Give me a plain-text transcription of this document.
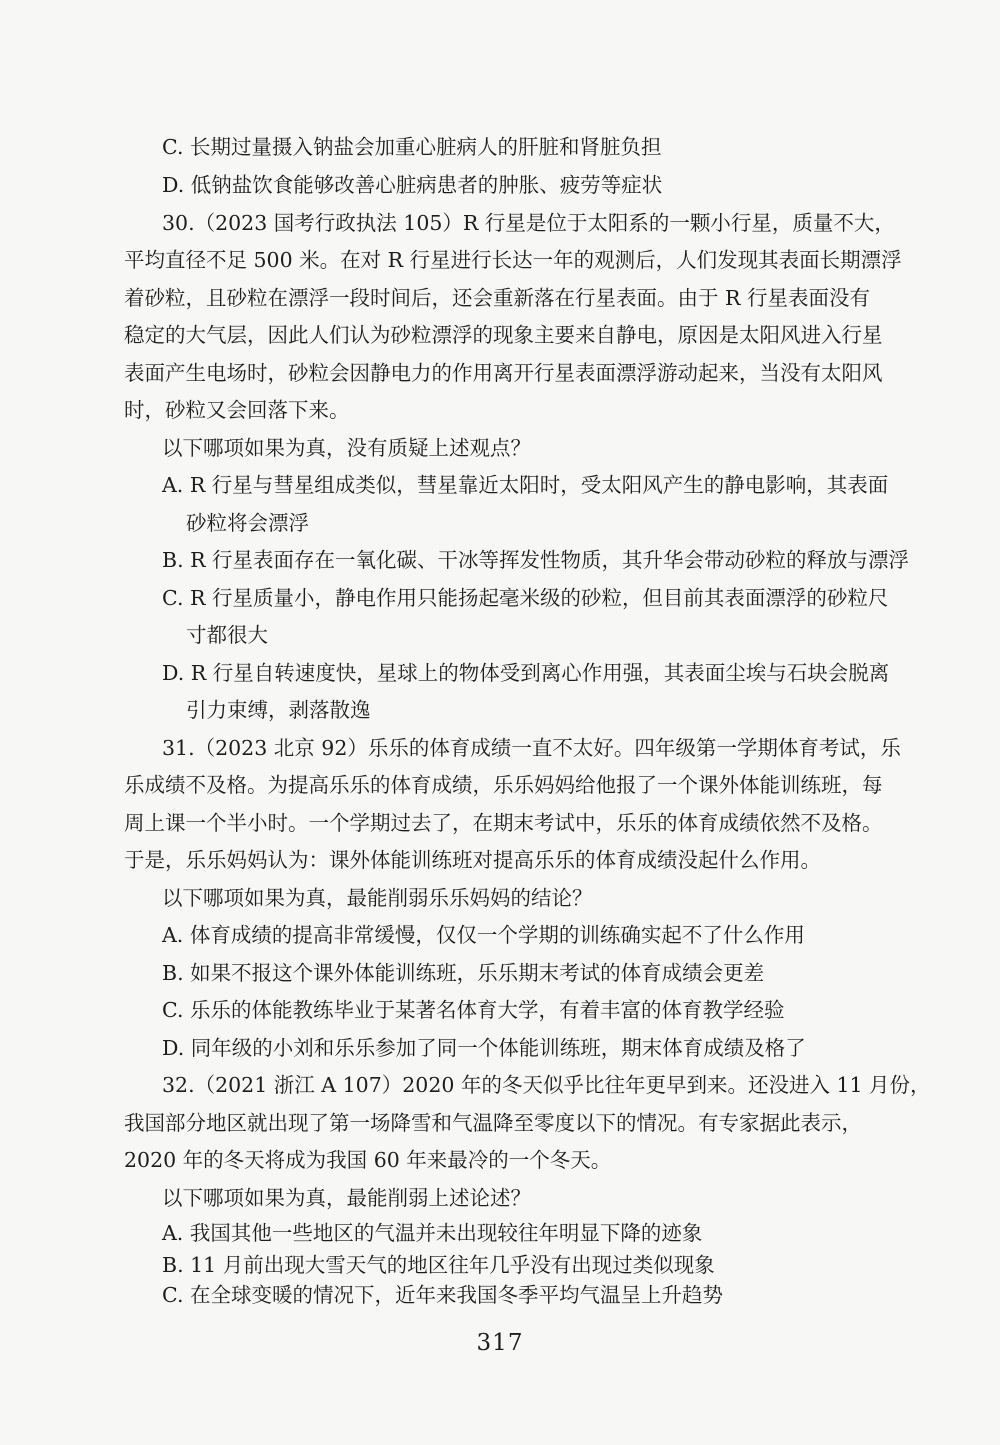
C. 长期过量摄入钠盐会加重心脏病人的肝脏和肾脏负担
D. 低钠盐饮食能够改善心脏病患者的肿胀、疲劳等症状
30.（2023 国考行政执法 105）R 行星是位于太阳系的一颗小行星，质量不大，
平均直径不足 500 米。在对 R 行星进行长达一年的观测后，人们发现其表面长期漂浮
着砂粒，且砂粒在漂浮一段时间后，还会重新落在行星表面。由于 R 行星表面没有
稳定的大气层，因此人们认为砂粒漂浮的现象主要来自静电，原因是太阳风进入行星
表面产生电场时，砂粒会因静电力的作用离开行星表面漂浮游动起来，当没有太阳风
时，砂粒又会回落下来。
以下哪项如果为真，没有质疑上述观点？
A. R 行星与彗星组成类似，彗星靠近太阳时，受太阳风产生的静电影响，其表面
砂粒将会漂浮
B. R 行星表面存在一氧化碳、干冰等挥发性物质，其升华会带动砂粒的释放与漂浮
C. R 行星质量小，静电作用只能扬起毫米级的砂粒，但目前其表面漂浮的砂粒尺
寸都很大
D. R 行星自转速度快，星球上的物体受到离心作用强，其表面尘埃与石块会脱离
引力束缚，剥落散逸
31.（2023 北京 92）乐乐的体育成绩一直不太好。四年级第一学期体育考试，乐
乐成绩不及格。为提高乐乐的体育成绩，乐乐妈妈给他报了一个课外体能训练班，每
周上课一个半小时。一个学期过去了，在期末考试中，乐乐的体育成绩依然不及格。
于是，乐乐妈妈认为：课外体能训练班对提高乐乐的体育成绩没起什么作用。
以下哪项如果为真，最能削弱乐乐妈妈的结论？
A. 体育成绩的提高非常缓慢，仅仅一个学期的训练确实起不了什么作用
B. 如果不报这个课外体能训练班，乐乐期末考试的体育成绩会更差
C. 乐乐的体能教练毕业于某著名体育大学，有着丰富的体育教学经验
D. 同年级的小刘和乐乐参加了同一个体能训练班，期末体育成绩及格了
32.（2021 浙江 A 107）2020 年的冬天似乎比往年更早到来。还没进入 11 月份，
我国部分地区就出现了第一场降雪和气温降至零度以下的情况。有专家据此表示，
2020 年的冬天将成为我国 60 年来最冷的一个冬天。
以下哪项如果为真，最能削弱上述论述？
A. 我国其他一些地区的气温并未出现较往年明显下降的迹象
B. 11 月前出现大雪天气的地区往年几乎没有出现过类似现象
C. 在全球变暖的情况下，近年来我国冬季平均气温呈上升趋势
317
